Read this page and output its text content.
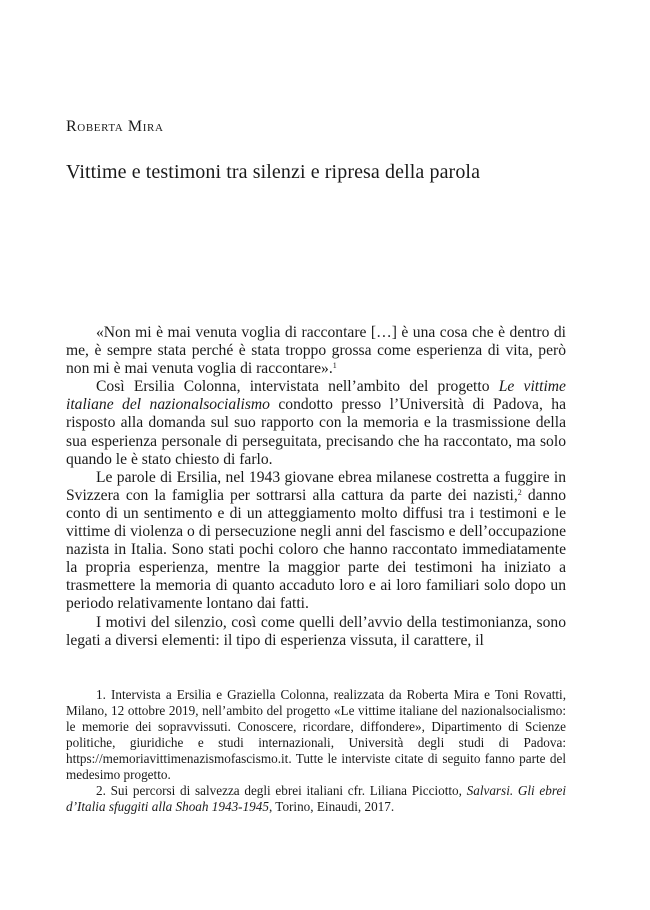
Roberta Mira
Vittime e testimoni tra silenzi e ripresa della parola

«Non mi è mai venuta voglia di raccontare […] è una cosa che è dentro di me, è sempre stata perché è stata troppo grossa come esperienza di vita, però non mi è mai venuta voglia di raccontare».$^1$

Così Ersilia Colonna, intervistata nell’ambito del progetto Le vittime italiane del nazionalsocialismo condotto presso l’Università di Padova, ha risposto alla domanda sul suo rapporto con la memoria e la trasmissione della sua esperienza personale di perseguitata, precisando che ha raccontato, ma solo quando le è stato chiesto di farlo.

Le parole di Ersilia, nel 1943 giovane ebrea milanese costretta a fuggire in Svizzera con la famiglia per sottrarsi alla cattura da parte dei nazisti,$^2$ danno conto di un sentimento e di un atteggiamento molto diffusi tra i testimoni e le vittime di violenza o di persecuzione negli anni del fascismo e dell’occupazione nazista in Italia. Sono stati pochi coloro che hanno raccontato immediatamente la propria esperienza, mentre la maggior parte dei testimoni ha iniziato a trasmettere la memoria di quanto accaduto loro e ai loro familiari solo dopo un periodo relativamente lontano dai fatti.

I motivi del silenzio, così come quelli dell’avvio della testimonianza, sono legati a diversi elementi: il tipo di esperienza vissuta, il carattere, il

1. Intervista a Ersilia e Graziella Colonna, realizzata da Roberta Mira e Toni Rovatti, Milano, 12 ottobre 2019, nell’ambito del progetto «Le vittime italiane del nazionalsocialismo: le memorie dei sopravvissuti. Conoscere, ricordare, diffondere», Dipartimento di Scienze politiche, giuridiche e studi internazionali, Università degli studi di Padova: https://memoriavittimenazismofascismo.it. Tutte le interviste citate di seguito fanno parte del medesimo progetto.

2. Sui percorsi di salvezza degli ebrei italiani cfr. Liliana Picciotto, Salvarsi. Gli ebrei d’Italia sfuggiti alla Shoah 1943-1945, Torino, Einaudi, 2017.
